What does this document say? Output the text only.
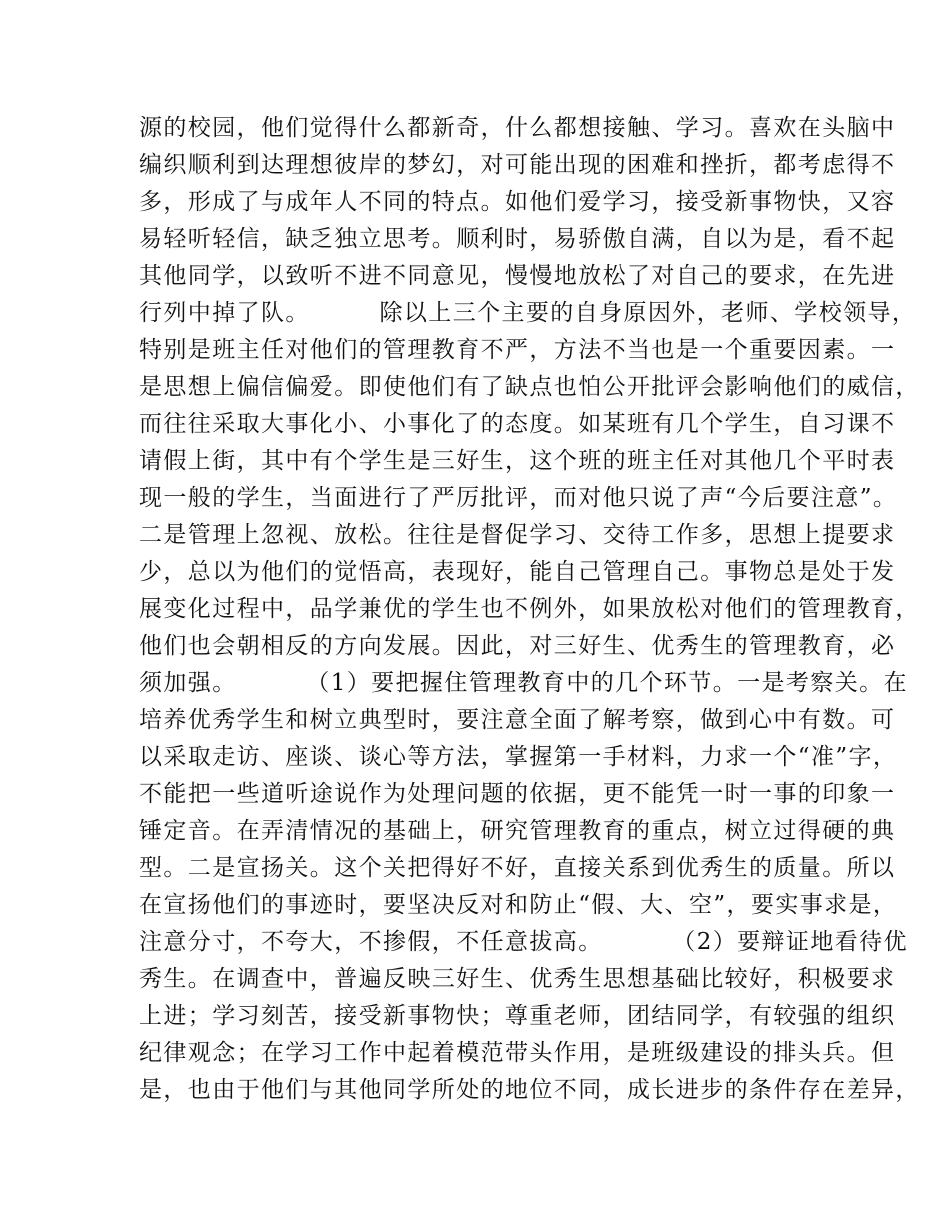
源的校园，他们觉得什么都新奇，什么都想接触、学习。喜欢在头脑中
编织顺利到达理想彼岸的梦幻，对可能出现的困难和挫折，都考虑得不
多，形成了与成年人不同的特点。如他们爱学习，接受新事物快，又容
易轻听轻信，缺乏独立思考。顺利时，易骄傲自满，自以为是，看不起
其他同学，以致听不进不同意见，慢慢地放松了对自己的要求，在先进
行列中掉了队。        除以上三个主要的自身原因外，老师、学校领导，
特别是班主任对他们的管理教育不严，方法不当也是一个重要因素。一
是思想上偏信偏爱。即使他们有了缺点也怕公开批评会影响他们的威信，
而往往采取大事化小、小事化了的态度。如某班有几个学生，自习课不
请假上街，其中有个学生是三好生，这个班的班主任对其他几个平时表
现一般的学生，当面进行了严厉批评，而对他只说了声“今后要注意”。
二是管理上忽视、放松。往往是督促学习、交待工作多，思想上提要求
少，总以为他们的觉悟高，表现好，能自己管理自己。事物总是处于发
展变化过程中，品学兼优的学生也不例外，如果放松对他们的管理教育，
他们也会朝相反的方向发展。因此，对三好生、优秀生的管理教育，必
须加强。        （1）要把握住管理教育中的几个环节。一是考察关。在
培养优秀学生和树立典型时，要注意全面了解考察，做到心中有数。可
以采取走访、座谈、谈心等方法，掌握第一手材料，力求一个“准”字，
不能把一些道听途说作为处理问题的依据，更不能凭一时一事的印象一
锤定音。在弄清情况的基础上，研究管理教育的重点，树立过得硬的典
型。二是宣扬关。这个关把得好不好，直接关系到优秀生的质量。所以
在宣扬他们的事迹时，要坚决反对和防止“假、大、空”，要实事求是，
注意分寸，不夸大，不掺假，不任意拔高。        （2）要辩证地看待优
秀生。在调查中，普遍反映三好生、优秀生思想基础比较好，积极要求
上进；学习刻苦，接受新事物快；尊重老师，团结同学，有较强的组织
纪律观念；在学习工作中起着模范带头作用，是班级建设的排头兵。但
是，也由于他们与其他同学所处的地位不同，成长进步的条件存在差异，
